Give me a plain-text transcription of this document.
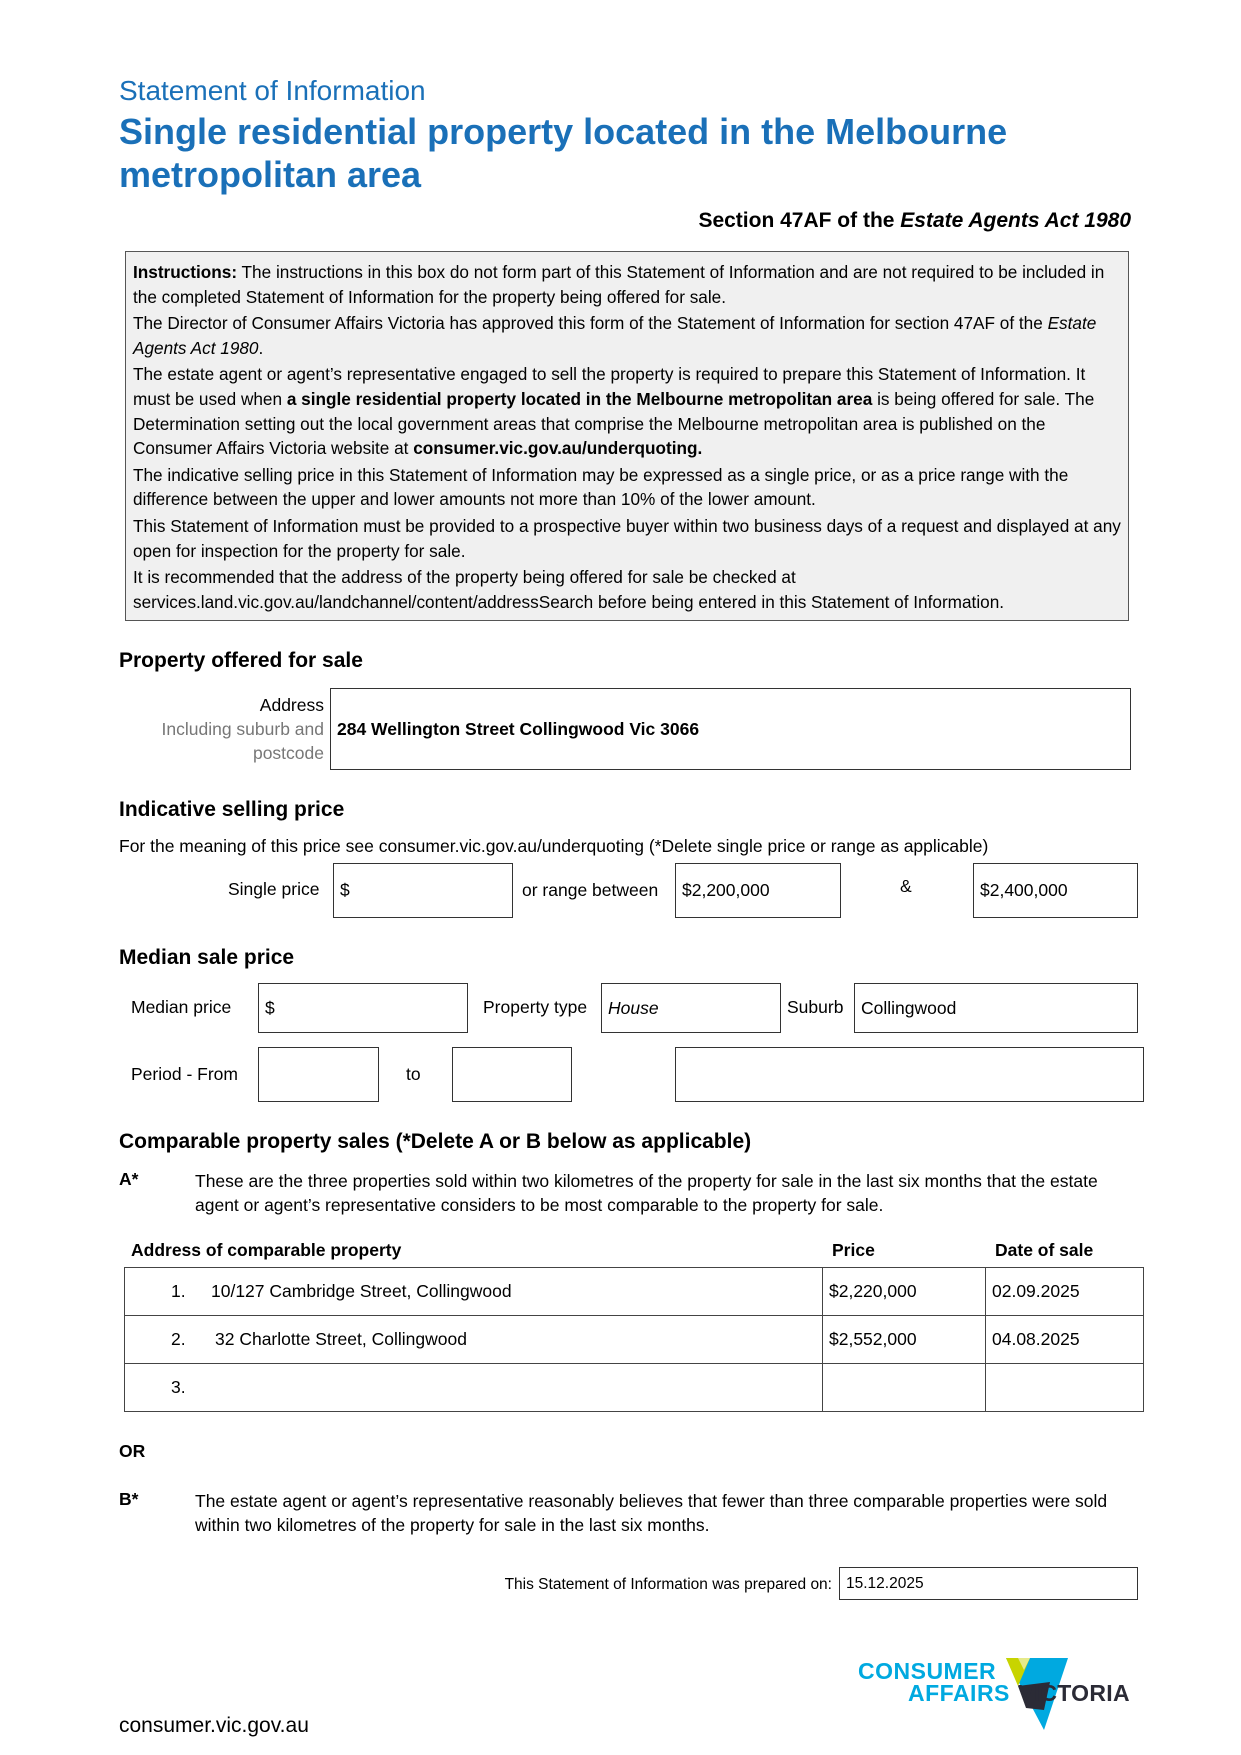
Statement of Information
Single residential property located in the Melbourne metropolitan area
Section 47AF of the Estate Agents Act 1980

Instructions: The instructions in this box do not form part of this Statement of Information and are not required to be included in the completed Statement of Information for the property being offered for sale.

The Director of Consumer Affairs Victoria has approved this form of the Statement of Information for section 47AF of the Estate Agents Act 1980.

The estate agent or agent’s representative engaged to sell the property is required to prepare this Statement of Information. It must be used when a single residential property located in the Melbourne metropolitan area is being offered for sale. The Determination setting out the local government areas that comprise the Melbourne metropolitan area is published on the Consumer Affairs Victoria website at consumer.vic.gov.au/underquoting.

The indicative selling price in this Statement of Information may be expressed as a single price, or as a price range with the difference between the upper and lower amounts not more than 10% of the lower amount.

This Statement of Information must be provided to a prospective buyer within two business days of a request and displayed at any open for inspection for the property for sale.

It is recommended that the address of the property being offered for sale be checked at services.land.vic.gov.au/landchannel/content/addressSearch before being entered in this Statement of Information.

Property offered for sale
Address
Including suburb and
postcode
284 Wellington Street Collingwood Vic 3066
Indicative selling price
For the meaning of this price see consumer.vic.gov.au/underquoting (*Delete single price or range as applicable)
Single price	$	or range between	$2,200,000	&	$2,400,000
Median sale price
Median price	$	Property type	House	Suburb	Collingwood
Period - From	to
Comparable property sales (*Delete A or B below as applicable)
A*	These are the three properties sold within two kilometres of the property for sale in the last six months that the estate agent or agent’s representative considers to be most comparable to the property for sale.
Address of comparable property	Price	Date of sale
1. 10/127 Cambridge Street, Collingwood	$2,220,000	02.09.2025
2. 32 Charlotte Street, Collingwood	$2,552,000	04.08.2025
3.		
OR
B*	The estate agent or agent’s representative reasonably believes that fewer than three comparable properties were sold within two kilometres of the property for sale in the last six months.
This Statement of Information was prepared on: 15.12.2025
consumer.vic.gov.au
CONSUMER
AFFAIRS VICTORIA
